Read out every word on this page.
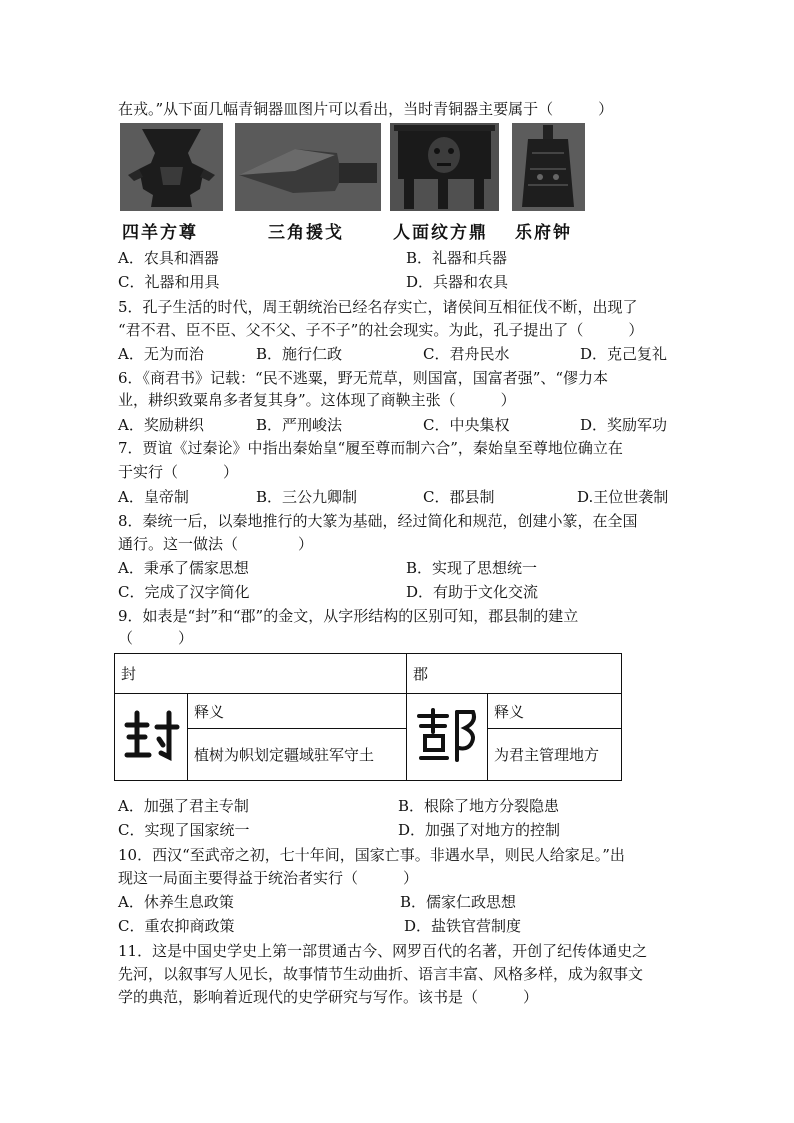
在戎。”从下面几幅青铜器皿图片可以看出，当时青铜器主要属于（　　　）
四羊方尊	三角援戈	人面纹方鼎 乐府钟
A．农具和酒器	B．礼器和兵器
C．礼器和用具	D．兵器和农具
5．孔子生活的时代，周王朝统治已经名存实亡，诸侯间互相征伐不断，出现了
“君不君、臣不臣、父不父、子不子”的社会现实。为此，孔子提出了（　　　）
A．无为而治	B．施行仁政	C．君舟民水	D．克己复礼
6．《商君书》记载：“民不逃粟，野无荒草，则国富，国富者强”、“僇力本
业，耕织致粟帛多者复其身”。这体现了商鞅主张（　　　）
A．奖励耕织	B．严刑峻法	C．中央集权	D．奖励军功
7．贾谊《过秦论》中指出秦始皇“履至尊而制六合”，秦始皇至尊地位确立在
于实行（　　　）
A．皇帝制	B．三公九卿制	C．郡县制	D.王位世袭制
8．秦统一后，以秦地推行的大篆为基础，经过简化和规范，创建小篆，在全国
通行。这一做法（　　　　）
A．秉承了儒家思想	B．实现了思想统一
C．完成了汉字简化	D．有助于文化交流
9．如表是“封”和“郡”的金文，从字形结构的区别可知，郡县制的建立
（　　　）
封		郡	
	释义		释义
	植树为帜划定疆域驻军守土		为君主管理地方
A．加强了君主专制	B．根除了地方分裂隐患
C．实现了国家统一	D．加强了对地方的控制
10．西汉“至武帝之初，七十年间，国家亡事。非遇水旱，则民人给家足。”出
现这一局面主要得益于统治者实行（　　　）
A．休养生息政策	B．儒家仁政思想
C．重农抑商政策	D．盐铁官营制度
11．这是中国史学史上第一部贯通古今、网罗百代的名著，开创了纪传体通史之
先河，以叙事写人见长，故事情节生动曲折、语言丰富、风格多样，成为叙事文
学的典范，影响着近现代的史学研究与写作。该书是（　　　）
